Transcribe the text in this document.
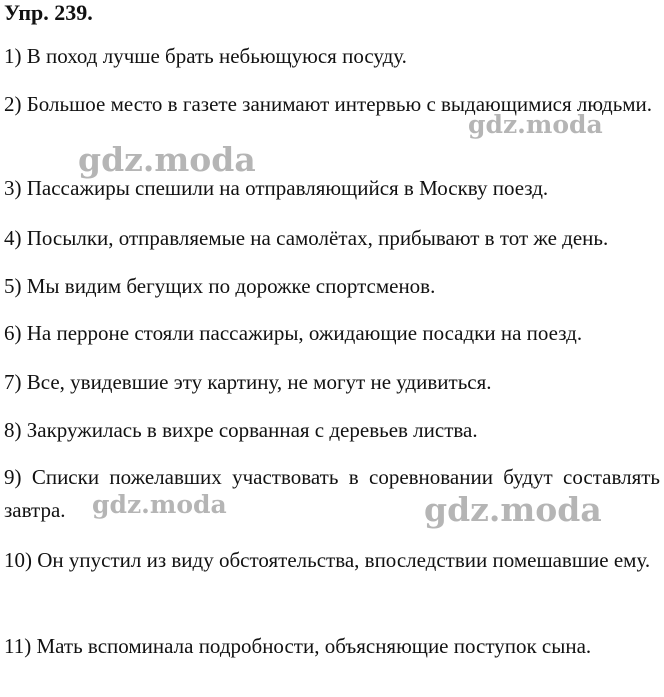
Упр. 239.

1) В поход лучше брать небьющуюся посуду.

2) Большое место в газете занимают интервью с выдающимися людьми.

3) Пассажиры спешили на отправляющийся в Москву поезд.

4) Посылки, отправляемые на самолётах, прибывают в тот же день.

5) Мы видим бегущих по дорожке спортсменов.

6) На перроне стояли пассажиры, ожидающие посадки на поезд.

7) Все, увидевшие эту картину, не могут не удивиться.

8) Закружилась в вихре сорванная с деревьев листва.

9) Списки пожелавших участвовать в соревновании будут составлять завтра.

10) Он упустил из виду обстоятельства, впоследствии помешавшие ему.

11) Мать вспоминала подробности, объясняющие поступок сына.

gdz.moda
gdz.moda
gdz.moda	gdz.moda
